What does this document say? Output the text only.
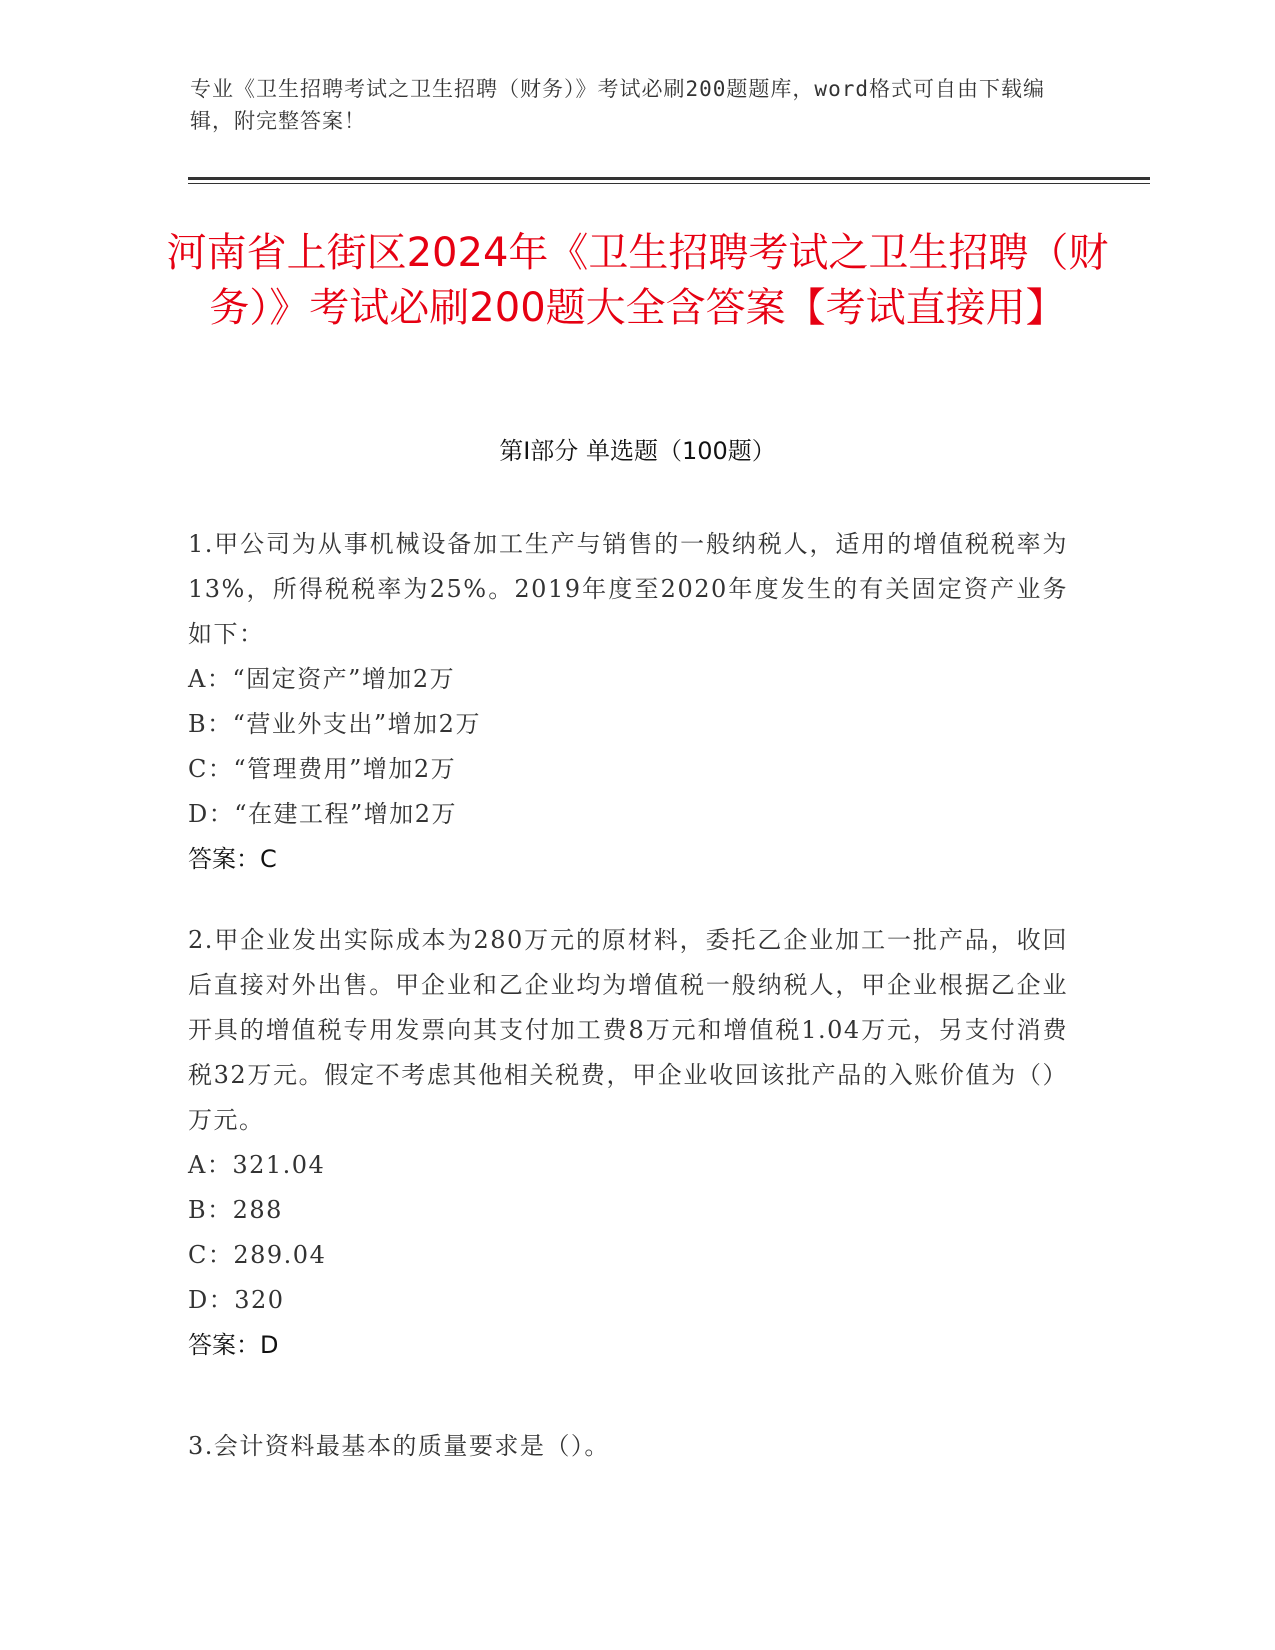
专业《卫生招聘考试之卫生招聘（财务）》考试必刷200题题库，word格式可自由下载编辑，附完整答案！
河南省上街区2024年《卫生招聘考试之卫生招聘（财务）》考试必刷200题大全含答案【考试直接用】
第Ⅰ部分 单选题（100题）
1.甲公司为从事机械设备加工生产与销售的一般纳税人，适用的增值税税率为13%，所得税税率为25%。2019年度至2020年度发生的有关固定资产业务如下：
A：“固定资产”增加2万
B：“营业外支出”增加2万
C：“管理费用”增加2万
D：“在建工程”增加2万
答案：C
2.甲企业发出实际成本为280万元的原材料，委托乙企业加工一批产品，收回后直接对外出售。甲企业和乙企业均为增值税一般纳税人，甲企业根据乙企业开具的增值税专用发票向其支付加工费8万元和增值税1.04万元，另支付消费税32万元。假定不考虑其他相关税费，甲企业收回该批产品的入账价值为（）万元。
A：321.04
B：288
C：289.04
D：320
答案：D
3.会计资料最基本的质量要求是（）。
